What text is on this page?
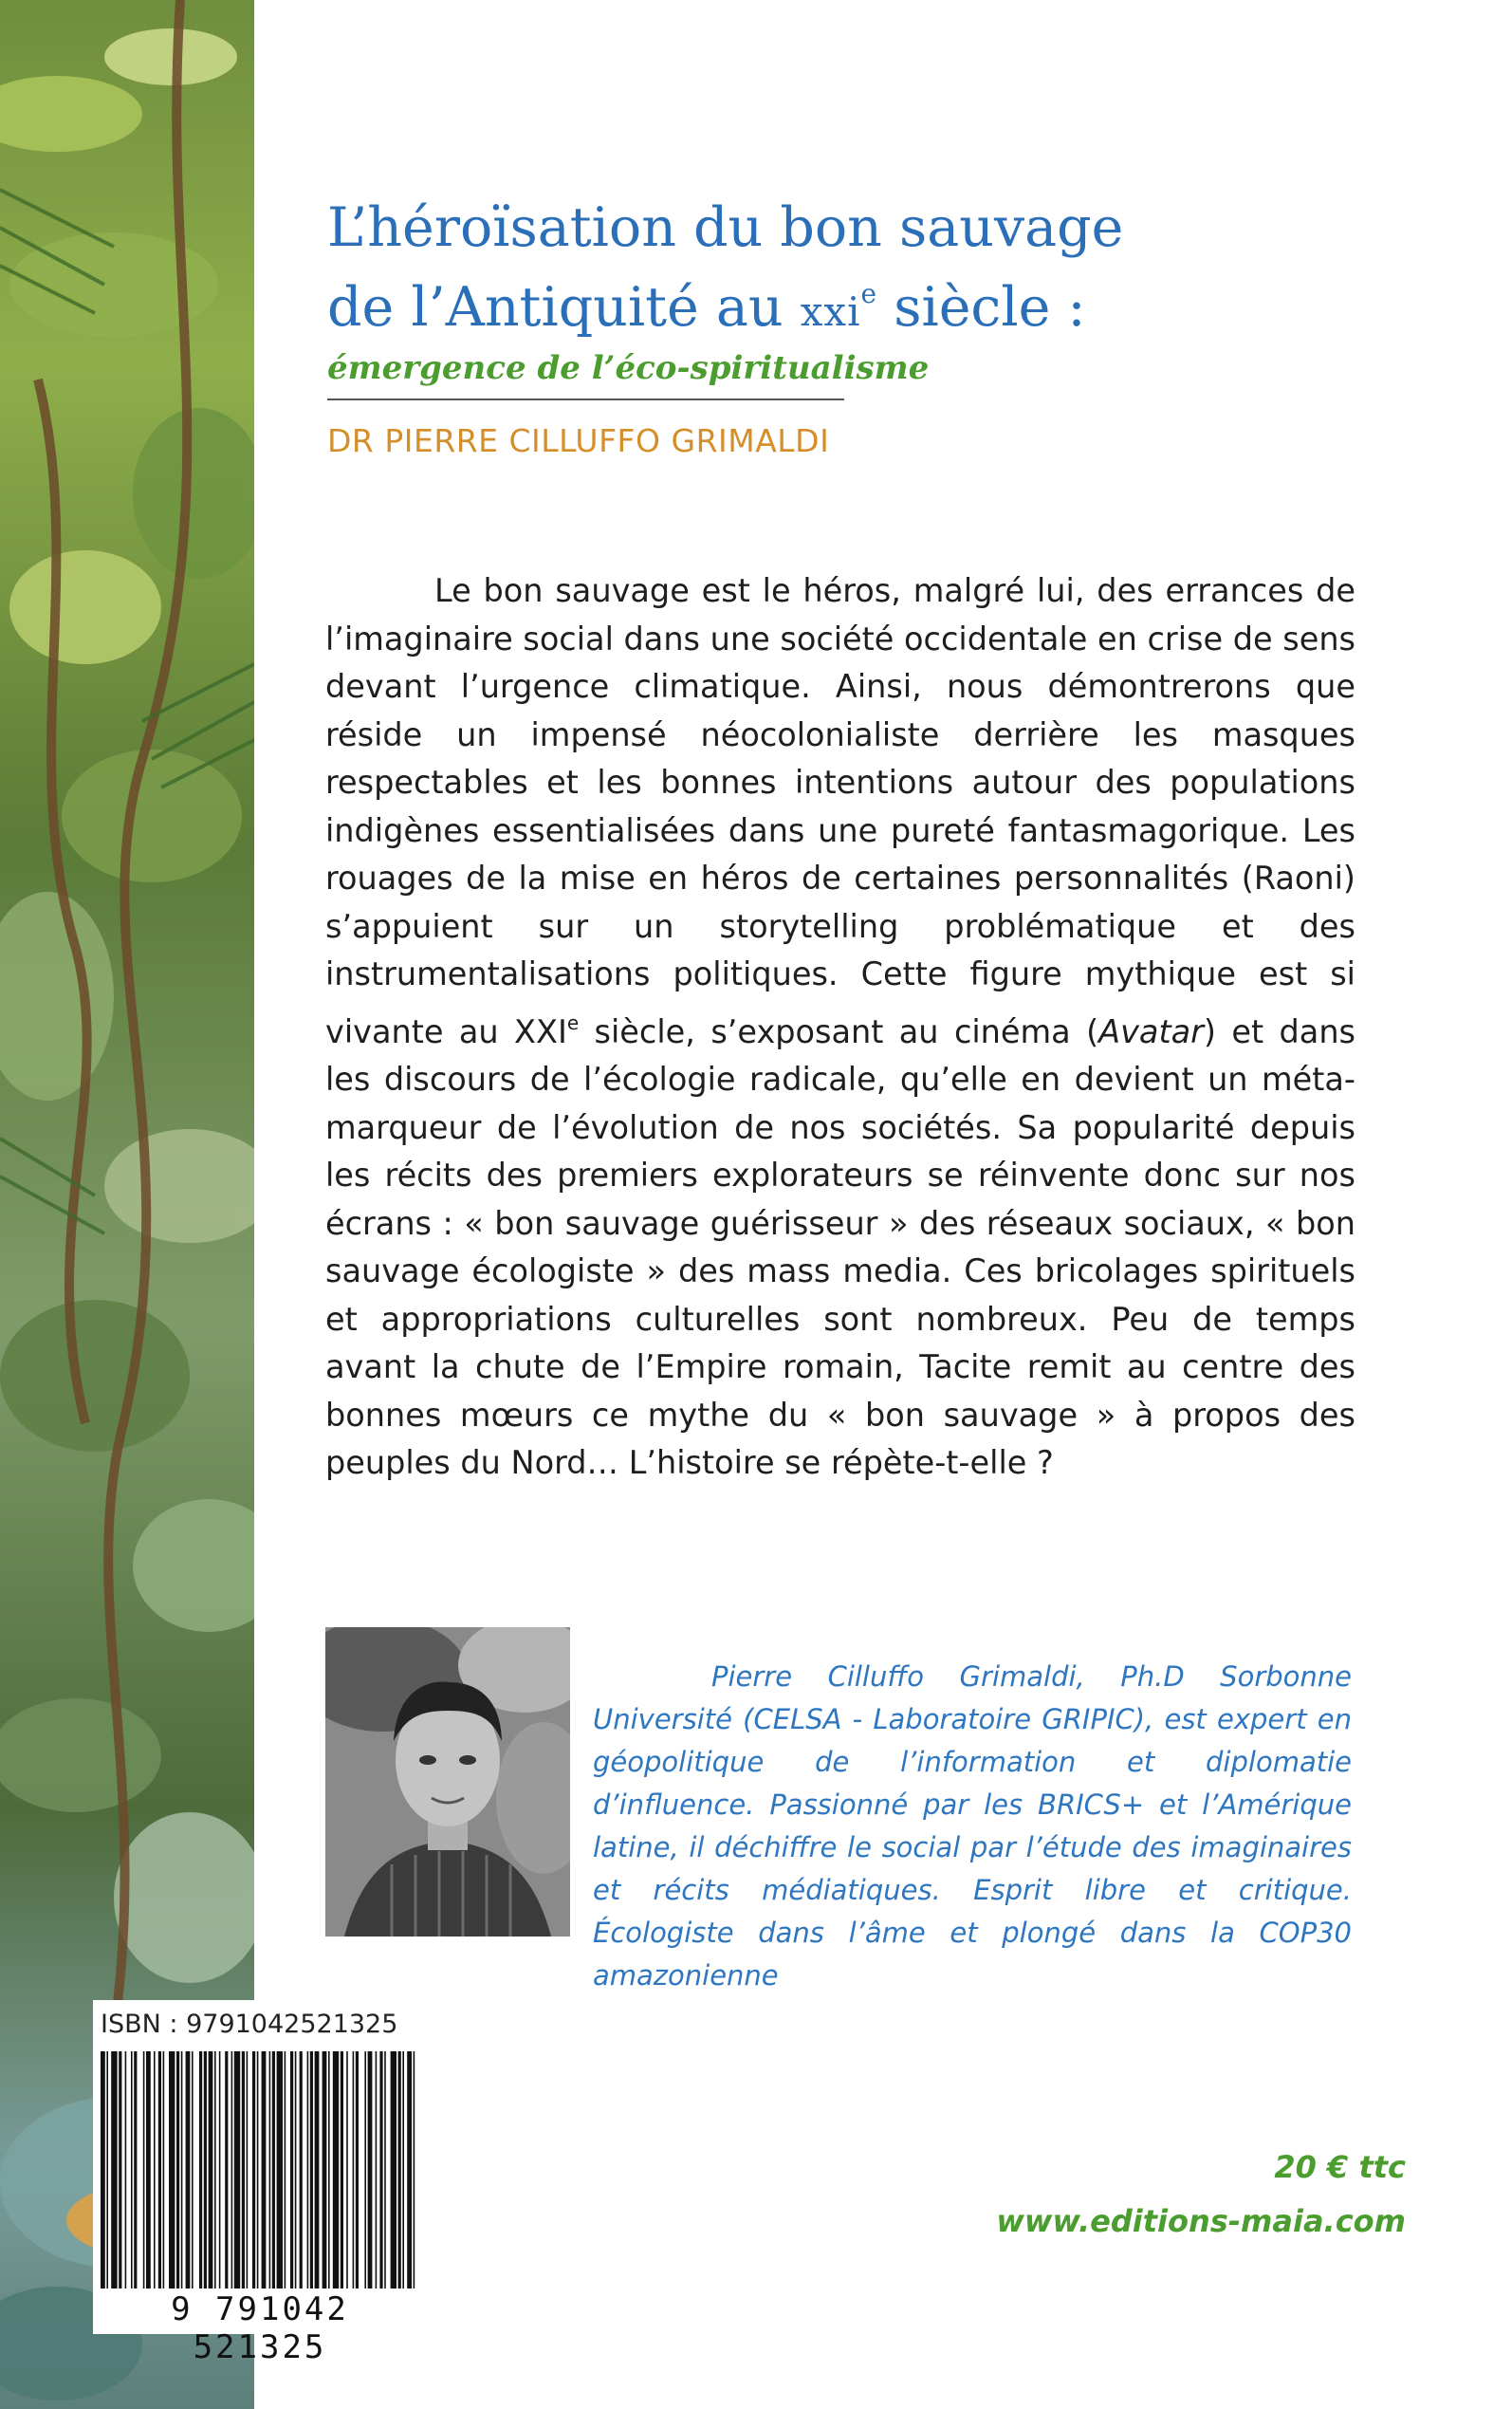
L’héroïsation du bon sauvage
de l’Antiquité au xxi$^e$ siècle :
émergence de l’éco-spiritualisme
DR PIERRE CILLUFFO GRIMALDI

Le bon sauvage est le héros, malgré lui, des errances de l’imaginaire social dans une société occidentale en crise de sens devant l’urgence climatique. Ainsi, nous démontrerons que réside un impensé néocolonialiste derrière les masques respectables et les bonnes intentions autour des populations indigènes essentialisées dans une pureté fantasmagorique. Les rouages de la mise en héros de certaines personnalités (Raoni) s’appuient sur un storytelling problématique et des instrumentalisations politiques. Cette figure mythique est si vivante au XXIe siècle, s’exposant au cinéma (Avatar) et dans les discours de l’écologie radicale, qu’elle en devient un méta-marqueur de l’évolution de nos sociétés. Sa popularité depuis les récits des premiers explorateurs se réinvente donc sur nos écrans : « bon sauvage guérisseur » des réseaux sociaux, « bon sauvage écologiste » des mass media. Ces bricolages spirituels et appropriations culturelles sont nombreux. Peu de temps avant la chute de l’Empire romain, Tacite remit au centre des bonnes mœurs ce mythe du « bon sauvage » à propos des peuples du Nord… L’histoire se répète-t-elle ?

Pierre Cilluffo Grimaldi, Ph.D Sorbonne Université (CELSA - Laboratoire GRIPIC), est expert en géopolitique de l’information et diplomatie d’influence. Passionné par les BRICS+ et l’Amérique latine, il déchiffre le social par l’étude des imaginaires et récits médiatiques. Esprit libre et critique. Écologiste dans l’âme et plongé dans la COP30 amazonienne

ISBN : 9791042521325
9 791042 521325
20 € ttc
www.editions-maia.com
